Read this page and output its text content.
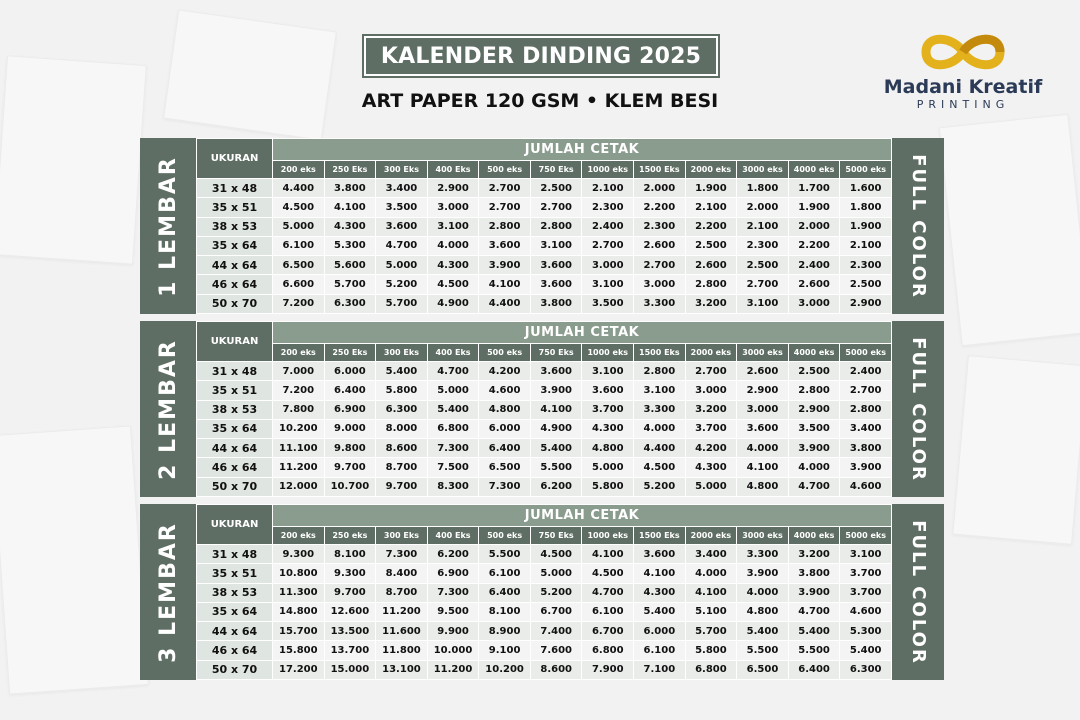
KALENDER DINDING 2025
ART PAPER 120 GSM • KLEM BESI
Madani Kreatif
PRINTING
1 LEMBAR	UKURAN	JUMLAH CETAK											
	200 eks	250 Eks	300 Eks	400 Eks	500 eks	750 Eks	1000 eks	1500 Eks	2000 eks	3000 eks	4000 eks	5000 eks
31 x 48	4.400	3.800	3.400	2.900	2.700	2.500	2.100	2.000	1.900	1.800	1.700	1.600
35 x 51	4.500	4.100	3.500	3.000	2.700	2.700	2.300	2.200	2.100	2.000	1.900	1.800
38 x 53	5.000	4.300	3.600	3.100	2.800	2.800	2.400	2.300	2.200	2.100	2.000	1.900
35 x 64	6.100	5.300	4.700	4.000	3.600	3.100	2.700	2.600	2.500	2.300	2.200	2.100
44 x 64	6.500	5.600	5.000	4.300	3.900	3.600	3.000	2.700	2.600	2.500	2.400	2.300
46 x 64	6.600	5.700	5.200	4.500	4.100	3.600	3.100	3.000	2.800	2.700	2.600	2.500
50 x 70	7.200	6.300	5.700	4.900	4.400	3.800	3.500	3.300	3.200	3.100	3.000	2.900
FULL COLOR
2 LEMBAR	UKURAN	JUMLAH CETAK											
	200 eks	250 Eks	300 Eks	400 Eks	500 eks	750 Eks	1000 eks	1500 Eks	2000 eks	3000 eks	4000 eks	5000 eks
31 x 48	7.000	6.000	5.400	4.700	4.200	3.600	3.100	2.800	2.700	2.600	2.500	2.400
35 x 51	7.200	6.400	5.800	5.000	4.600	3.900	3.600	3.100	3.000	2.900	2.800	2.700
38 x 53	7.800	6.900	6.300	5.400	4.800	4.100	3.700	3.300	3.200	3.000	2.900	2.800
35 x 64	10.200	9.000	8.000	6.800	6.000	4.900	4.300	4.000	3.700	3.600	3.500	3.400
44 x 64	11.100	9.800	8.600	7.300	6.400	5.400	4.800	4.400	4.200	4.000	3.900	3.800
46 x 64	11.200	9.700	8.700	7.500	6.500	5.500	5.000	4.500	4.300	4.100	4.000	3.900
50 x 70	12.000	10.700	9.700	8.300	7.300	6.200	5.800	5.200	5.000	4.800	4.700	4.600
FULL COLOR
3 LEMBAR	UKURAN	JUMLAH CETAK											
	200 eks	250 eks	300 Eks	400 Eks	500 eks	750 Eks	1000 eks	1500 Eks	2000 eks	3000 eks	4000 eks	5000 eks
31 x 48	9.300	8.100	7.300	6.200	5.500	4.500	4.100	3.600	3.400	3.300	3.200	3.100
35 x 51	10.800	9.300	8.400	6.900	6.100	5.000	4.500	4.100	4.000	3.900	3.800	3.700
38 x 53	11.300	9.700	8.700	7.300	6.400	5.200	4.700	4.300	4.100	4.000	3.900	3.700
35 x 64	14.800	12.600	11.200	9.500	8.100	6.700	6.100	5.400	5.100	4.800	4.700	4.600
44 x 64	15.700	13.500	11.600	9.900	8.900	7.400	6.700	6.000	5.700	5.400	5.400	5.300
46 x 64	15.800	13.700	11.800	10.000	9.100	7.600	6.800	6.100	5.800	5.500	5.500	5.400
50 x 70	17.200	15.000	13.100	11.200	10.200	8.600	7.900	7.100	6.800	6.500	6.400	6.300
FULL COLOR
